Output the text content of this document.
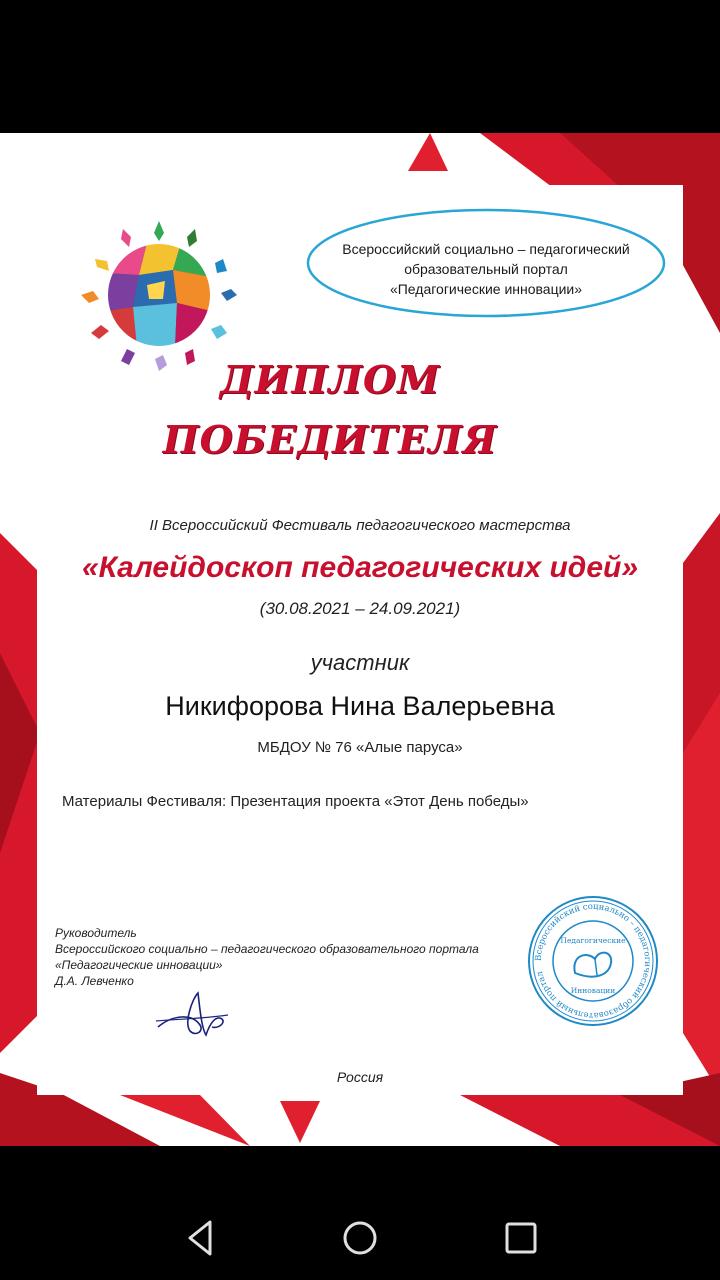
Всероссийский социально – педагогический
образовательный портал
«Педагогические инновации»
ДИПЛОМ
ПОБЕДИТЕЛЯ
II Всероссийский Фестиваль педагогического мастерства
«Калейдоскоп педагогических идей»
(30.08.2021 – 24.09.2021)
участник
Никифорова Нина Валерьевна
МБДОУ № 76 «Алые паруса»
Материалы Фестиваля: Презентация проекта «Этот День победы»
Руководитель
Всероссийского социально – педагогического образовательного портала
«Педагогические инновации»
Д.А. Левченко
Всероссийский социально – педагогический образовательный портал
Педагогические
Инновации
Россия
